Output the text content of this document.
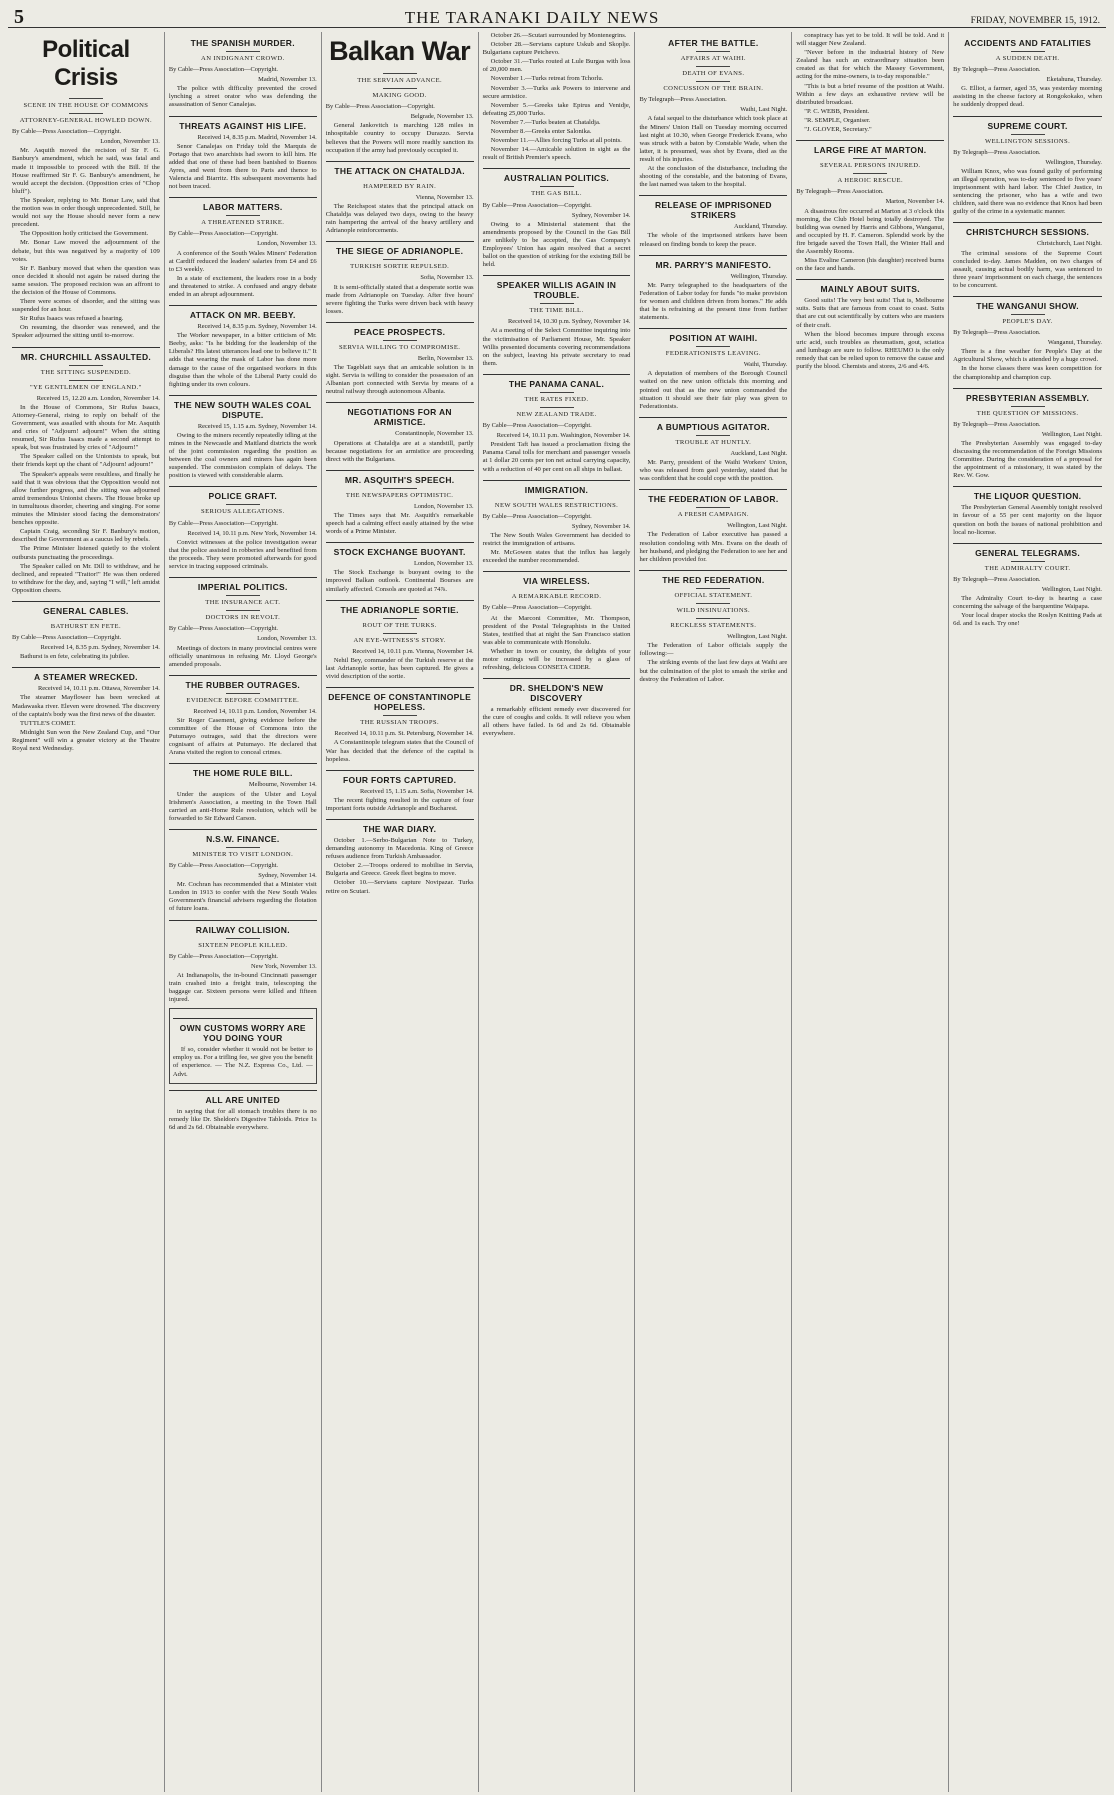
5	THE TARANAKI DAILY NEWS	FRIDAY, NOVEMBER 15, 1912.
Political Crisis
SCENE IN THE HOUSE OF COMMONS
ATTORNEY-GENERAL HOWLED DOWN.
By Cable—Press Association—Copyright.
London, November 13.

Mr. Asquith moved the recision of Sir F. G. Banbury's amendment, which he said, was fatal and made it impossible to proceed with the Bill. If the House reaffirmed Sir F. G. Banbury's amendment, he would accept the decision. (Opposition cries of "Chop bluff").

The Speaker, replying to Mr. Bonar Law, said that the motion was in order though unprecedented. Still, he would not say the House should never form a new precedent.

The Opposition hotly criticised the Government.

Mr. Bonar Law moved the adjournment of the debate, but this was negatived by a majority of 109 votes.

Sir F. Banbury moved that when the question was once decided it should not again be raised during the same session. The proposed recision was an affront to the decision of the House of Commons.

There were scenes of disorder, and the sitting was suspended for an hour.

Sir Rufus Isaacs was refused a hearing.

On resuming, the disorder was renewed, and the Speaker adjourned the sitting until to-morrow.

MR. CHURCHILL ASSAULTED.
THE SITTING SUSPENDED.
"YE GENTLEMEN OF ENGLAND."
Received 15, 12.20 a.m. London, November 14.

In the House of Commons, Sir Rufus Isaacs, Attorney-General, rising to reply on behalf of the Government, was assailed with shouts for Mr. Asquith and cries of "Adjourn! adjourn!" When the sitting resumed, Sir Rufus Isaacs made a second attempt to speak, but was frustrated by cries of "Adjourn!"

The Speaker called on the Unionists to speak, but their friends kept up the chant of "Adjourn! adjourn!"

The Speaker's appeals were resultless, and finally he said that it was obvious that the Opposition would not allow further progress, and the sitting was adjourned amid tremendous Unionist cheers. The House broke up in tumultuous disorder, cheering and singing. For some minutes the Minister stood facing the demonstrators' benches opposite.

Captain Craig, seconding Sir F. Banbury's motion, described the Government as a caucus led by rebels.

The Prime Minister listened quietly to the violent outbursts punctuating the proceedings.

The Speaker called on Mr. Dill to withdraw, and he declined, and repeated "Traitor!" He was then ordered to withdraw for the day, and, saying "I will," left amidst Opposition cheers.

GENERAL CABLES.
BATHURST EN FETE.
By Cable—Press Association—Copyright.
Received 14, 8.35 p.m. Sydney, November 14.

Bathurst is en fete, celebrating its jubilee.

A STEAMER WRECKED.
Received 14, 10.11 p.m. Ottawa, November 14.

The steamer Mayflower has been wrecked at Madawaska river. Eleven were drowned. The discovery of the captain's body was the first news of the disaster.

TUTTLE'S COMET.

Midnight Sun won the New Zealand Cup, and "Our Regiment" will win a greater victory at the Theatre Royal next Wednesday.

THE SPANISH MURDER.
AN INDIGNANT CROWD.
By Cable—Press Association—Copyright.
Madrid, November 13.

The police with difficulty prevented the crowd lynching a street orator who was defending the assassination of Senor Canalejas.

THREATS AGAINST HIS LIFE.
Received 14, 8.35 p.m. Madrid, November 14.

Senor Canalejas on Friday told the Marquis de Portago that two anarchists had sworn to kill him. He added that one of these had been banished to Buenos Ayres, and went from there to Paris and thence to Valencia and Biarritz. His subsequent movements had not been traced.

LABOR MATTERS.
A THREATENED STRIKE.
By Cable—Press Association—Copyright.
London, November 13.

A conference of the South Wales Miners' Federation at Cardiff reduced the leaders' salaries from £4 and £6 to £3 weekly.

In a state of excitement, the leaders rose in a body and threatened to strike. A confused and angry debate ended in an abrupt adjournment.

ATTACK ON MR. BEEBY.
Received 14, 8.35 p.m. Sydney, November 14.

The Worker newspaper, in a bitter criticism of Mr. Beeby, asks: "Is he bidding for the leadership of the Liberals? His latest utterances lead one to believe it." It adds that wearing the mask of Labor has done more damage to the cause of the organised workers in this disguise than the whole of the Liberal Party could do fighting under its own colours.

THE NEW SOUTH WALES COAL DISPUTE.
Received 15, 1.15 a.m. Sydney, November 14.

Owing to the miners recently repeatedly idling at the mines in the Newcastle and Maitland districts the work of the joint commission regarding the position as between the coal owners and miners has again been suspended. The commission complain of delays. The position is viewed with considerable alarm.

POLICE GRAFT.
SERIOUS ALLEGATIONS.
By Cable—Press Association—Copyright.
Received 14, 10.11 p.m. New York, November 14.

Convict witnesses at the police investigation swear that the police assisted in robberies and benefited from the proceeds. They were promoted afterwards for good service in tracing supposed criminals.

IMPERIAL POLITICS.
THE INSURANCE ACT.
DOCTORS IN REVOLT.
By Cable—Press Association—Copyright.
London, November 13.

Meetings of doctors in many provincial centres were officially unanimous in refusing Mr. Lloyd George's amended proposals.

THE RUBBER OUTRAGES.
EVIDENCE BEFORE COMMITTEE.
Received 14, 10.11 p.m. London, November 14.

Sir Roger Casement, giving evidence before the committee of the House of Commons into the Putumayo outrages, said that the directors were cognisant of affairs at Putumayo. He declared that Arana visited the region to conceal crimes.

THE HOME RULE BILL.
Melbourne, November 14.

Under the auspices of the Ulster and Loyal Irishmen's Association, a meeting in the Town Hall carried an anti-Home Rule resolution, which will be forwarded to Sir Edward Carson.

N.S.W. FINANCE.
MINISTER TO VISIT LONDON.
By Cable—Press Association—Copyright.
Sydney, November 14.

Mr. Cochran has recommended that a Minister visit London in 1913 to confer with the New South Wales Government's financial advisers regarding the flotation of future loans.

RAILWAY COLLISION.
SIXTEEN PEOPLE KILLED.
By Cable—Press Association—Copyright.
New York, November 13.

At Indianapolis, the in-bound Cincinnati passenger train crashed into a freight train, telescoping the baggage car. Sixteen persons were killed and fifteen injured.

OWN CUSTOMS WORRY ARE YOU DOING YOUR

If so, consider whether it would not be better to employ us. For a trifling fee, we give you the benefit of experience. — The N.Z. Express Co., Ltd. — Advt.

ALL ARE UNITED

in saying that for all stomach troubles there is no remedy like Dr. Sheldon's Digestive Tabloids. Price 1s 6d and 2s 6d. Obtainable everywhere.

Balkan War
THE SERVIAN ADVANCE.
MAKING GOOD.
By Cable—Press Association—Copyright.
Belgrade, November 13.

General Jankovitch is marching 128 miles in inhospitable country to occupy Durazzo. Servia believes that the Powers will more readily sanction its occupation if the army had previously occupied it.

THE ATTACK ON CHATALDJA.
HAMPERED BY RAIN.
Vienna, November 13.

The Reichspost states that the principal attack on Chataldja was delayed two days, owing to the heavy rain hampering the arrival of the heavy artillery and Adrianople reinforcements.

THE SIEGE OF ADRIANOPLE.
TURKISH SORTIE REPULSED.
Sofia, November 13.

It is semi-officially stated that a desperate sortie was made from Adrianople on Tuesday. After five hours' severe fighting the Turks were driven back with heavy losses.

PEACE PROSPECTS.
SERVIA WILLING TO COMPROMISE.
Berlin, November 13.

The Tageblatt says that an amicable solution is in sight. Servia is willing to consider the possession of an Albanian port connected with Servia by means of a neutral railway through autonomous Albania.

NEGOTIATIONS FOR AN ARMISTICE.
Constantinople, November 13.

Operations at Chataldja are at a standstill, partly because negotiations for an armistice are proceeding direct with the Bulgarians.

MR. ASQUITH'S SPEECH.
THE NEWSPAPERS OPTIMISTIC.
London, November 13.

The Times says that Mr. Asquith's remarkable speech had a calming effect easily attained by the wise words of a Prime Minister.

STOCK EXCHANGE BUOYANT.
London, November 13.

The Stock Exchange is buoyant owing to the improved Balkan outlook. Continental Bourses are similarly affected. Consols are quoted at 74⅞.

THE ADRIANOPLE SORTIE.
ROUT OF THE TURKS.
AN EYE-WITNESS'S STORY.
Received 14, 10.11 p.m. Vienna, November 14.

Nehil Bey, commander of the Turkish reserve at the last Adrianople sortie, has been captured. He gives a vivid description of the sortie.

DEFENCE OF CONSTANTINOPLE HOPELESS.
THE RUSSIAN TROOPS.
Received 14, 10.11 p.m. St. Petersburg, November 14.

A Constantinople telegram states that the Council of War has decided that the defence of the capital is hopeless.

FOUR FORTS CAPTURED.
Received 15, 1.15 a.m. Sofia, November 14.

The recent fighting resulted in the capture of four important forts outside Adrianople and Bucharest.

THE WAR DIARY.

October 1.—Serbo-Bulgarian Note to Turkey, demanding autonomy in Macedonia. King of Greece refuses audience from Turkish Ambassador.

October 2.—Troops ordered to mobilise in Servia, Bulgaria and Greece. Greek fleet begins to move.

October 10.—Servians capture Novipazar. Turks retire on Scutari.

October 26.—Scutari surrounded by Montenegrins.

October 28.—Servians capture Uskub and Skoplje. Bulgarians capture Petchevo.

October 31.—Turks routed at Lule Burgas with loss of 20,000 men.

November 1.—Turks retreat from Tchorlu.

November 3.—Turks ask Powers to intervene and secure armistice.

November 5.—Greeks take Epirus and Venidje, defeating 25,000 Turks.

November 7.—Turks beaten at Chataldja.

November 8.—Greeks enter Salonika.

November 11.—Allies forcing Turks at all points.

November 14.—Amicable solution in sight as the result of British Premier's speech.

AUSTRALIAN POLITICS.
THE GAS BILL.
By Cable—Press Association—Copyright.
Sydney, November 14.

Owing to a Ministerial statement that the amendments proposed by the Council in the Gas Bill are unlikely to be accepted, the Gas Company's Employees' Union has again resolved that a secret ballot on the question of striking for the existing Bill be held.

SPEAKER WILLIS AGAIN IN TROUBLE.
THE TIME BILL.
Received 14, 10.30 p.m. Sydney, November 14.

At a meeting of the Select Committee inquiring into the victimisation of Parliament House, Mr. Speaker Willis presented documents covering recommendations on the subject, leaving his private secretary to read them.

THE PANAMA CANAL.
THE RATES FIXED.
NEW ZEALAND TRADE.
By Cable—Press Association—Copyright.
Received 14, 10.11 p.m. Washington, November 14.

President Taft has issued a proclamation fixing the Panama Canal tolls for merchant and passenger vessels at 1 dollar 20 cents per ton net actual carrying capacity, with a reduction of 40 per cent on all ships in ballast.

IMMIGRATION.
NEW SOUTH WALES RESTRICTIONS.
By Cable—Press Association—Copyright.
Sydney, November 14.

The New South Wales Government has decided to restrict the immigration of artisans.

Mr. McGowen states that the influx has largely exceeded the number recommended.

VIA WIRELESS.
A REMARKABLE RECORD.
By Cable—Press Association—Copyright.

At the Marconi Committee, Mr. Thompson, president of the Postal Telegraphists in the United States, testified that at night the San Francisco station was able to communicate with Honolulu.

Whether in town or country, the delights of your motor outings will be increased by a glass of refreshing, delicious CONSETA CIDER.

DR. SHELDON'S NEW DISCOVERY

a remarkably efficient remedy ever discovered for the cure of coughs and colds. It will relieve you when all others have failed. Is 6d and 2s 6d. Obtainable everywhere.

AFTER THE BATTLE.
AFFAIRS AT WAIHI.
DEATH OF EVANS.
CONCUSSION OF THE BRAIN.
By Telegraph—Press Association.
Waihi, Last Night.

A fatal sequel to the disturbance which took place at the Miners' Union Hall on Tuesday morning occurred last night at 10.30, when George Frederick Evans, who was struck with a baton by Constable Wade, when the latter, it is presumed, was shot by Evans, died as the result of his injuries.

At the conclusion of the disturbance, including the shooting of the constable, and the batoning of Evans, the last named was taken to the hospital.

RELEASE OF IMPRISONED STRIKERS
Auckland, Thursday.

The whole of the imprisoned strikers have been released on finding bonds to keep the peace.

MR. PARRY'S MANIFESTO.
Wellington, Thursday.

Mr. Parry telegraphed to the headquarters of the Federation of Labor today for funds "to make provision for women and children driven from homes." He adds that he is refraining at the present time from further statements.

POSITION AT WAIHI.
FEDERATIONISTS LEAVING.
Waihi, Thursday.

A deputation of members of the Borough Council waited on the new union officials this morning and pointed out that as the new union commanded the situation it should see their fair play was given to Federationists.

A BUMPTIOUS AGITATOR.
TROUBLE AT HUNTLY.
Auckland, Last Night.

Mr. Parry, president of the Waihi Workers' Union, who was released from gaol yesterday, stated that he was confident that he could cope with the position.

THE FEDERATION OF LABOR.
A FRESH CAMPAIGN.
Wellington, Last Night.

The Federation of Labor executive has passed a resolution condoling with Mrs. Evans on the death of her husband, and pledging the Federation to see her and her children provided for.

THE RED FEDERATION.
OFFICIAL STATEMENT.
WILD INSINUATIONS.
RECKLESS STATEMENTS.
Wellington, Last Night.

The Federation of Labor officials supply the following:—

The striking events of the last few days at Waihi are but the culmination of the plot to smash the strike and destroy the Federation of Labor.

conspiracy has yet to be told. It will be told. And it will stagger New Zealand.

"Never before in the industrial history of New Zealand has such an extraordinary situation been created as that for which the Massey Government, acting for the mine-owners, is to-day responsible."

"This is but a brief resume of the position at Waihi. Within a few days an exhaustive review will be distributed broadcast.

"P. C. WEBB, President.

"R. SEMPLE, Organiser.

"J. GLOVER, Secretary."

LARGE FIRE AT MARTON.
SEVERAL PERSONS INJURED.
A HEROIC RESCUE.
By Telegraph—Press Association.
Marton, November 14.

A disastrous fire occurred at Marton at 3 o'clock this morning, the Club Hotel being totally destroyed. The building was owned by Harris and Gibbons, Wanganui, and occupied by H. F. Cameron. Splendid work by the fire brigade saved the Town Hall, the Winter Hall and the Assembly Rooms.

Miss Evaline Cameron (his daughter) received burns on the face and hands.

MAINLY ABOUT SUITS.

Good suits! The very best suits! That is, Melbourne suits. Suits that are famous from coast to coast. Suits that are cut out scientifically by cutters who are masters of their craft.

When the blood becomes impure through excess uric acid, such troubles as rheumatism, gout, sciatica and lumbago are sure to follow. RHEUMO is the only remedy that can be relied upon to remove the cause and purify the blood. Chemists and stores, 2/6 and 4/6.

ACCIDENTS AND FATALITIES
A SUDDEN DEATH.
By Telegraph—Press Association.
Eketahuna, Thursday.

G. Elliot, a farmer, aged 35, was yesterday morning assisting in the cheese factory at Rongokokako, when he suddenly dropped dead.

SUPREME COURT.
WELLINGTON SESSIONS.
By Telegraph—Press Association.
Wellington, Thursday.

William Knox, who was found guilty of performing an illegal operation, was to-day sentenced to five years' imprisonment with hard labor. The Chief Justice, in sentencing the prisoner, who has a wife and two children, said there was no evidence that Knox had been guilty of the crime in a systematic manner.

CHRISTCHURCH SESSIONS.
Christchurch, Last Night.

The criminal sessions of the Supreme Court concluded to-day. James Madden, on two charges of assault, causing actual bodily harm, was sentenced to three years' imprisonment on each charge, the sentences to be concurrent.

THE WANGANUI SHOW.
PEOPLE'S DAY.
By Telegraph—Press Association.
Wanganui, Thursday.

There is a fine weather for People's Day at the Agricultural Show, which is attended by a huge crowd.

In the horse classes there was keen competition for the championship and champion cup.

PRESBYTERIAN ASSEMBLY.
THE QUESTION OF MISSIONS.
By Telegraph—Press Association.
Wellington, Last Night.

The Presbyterian Assembly was engaged to-day discussing the recommendation of the Foreign Missions Committee. During the consideration of a proposal for the appointment of a missionary, it was stated by the Rev. W. Gow.

THE LIQUOR QUESTION.

The Presbyterian General Assembly tonight resolved in favour of a 55 per cent majority on the liquor question on both the issues of national prohibition and local no-license.

GENERAL TELEGRAMS.
THE ADMIRALTY COURT.
By Telegraph—Press Association.
Wellington, Last Night.

The Admiralty Court to-day is hearing a case concerning the salvage of the barquentine Waipapa.

Your local draper stocks the Roslyn Knitting Pads at 6d. and 1s each. Try one!
